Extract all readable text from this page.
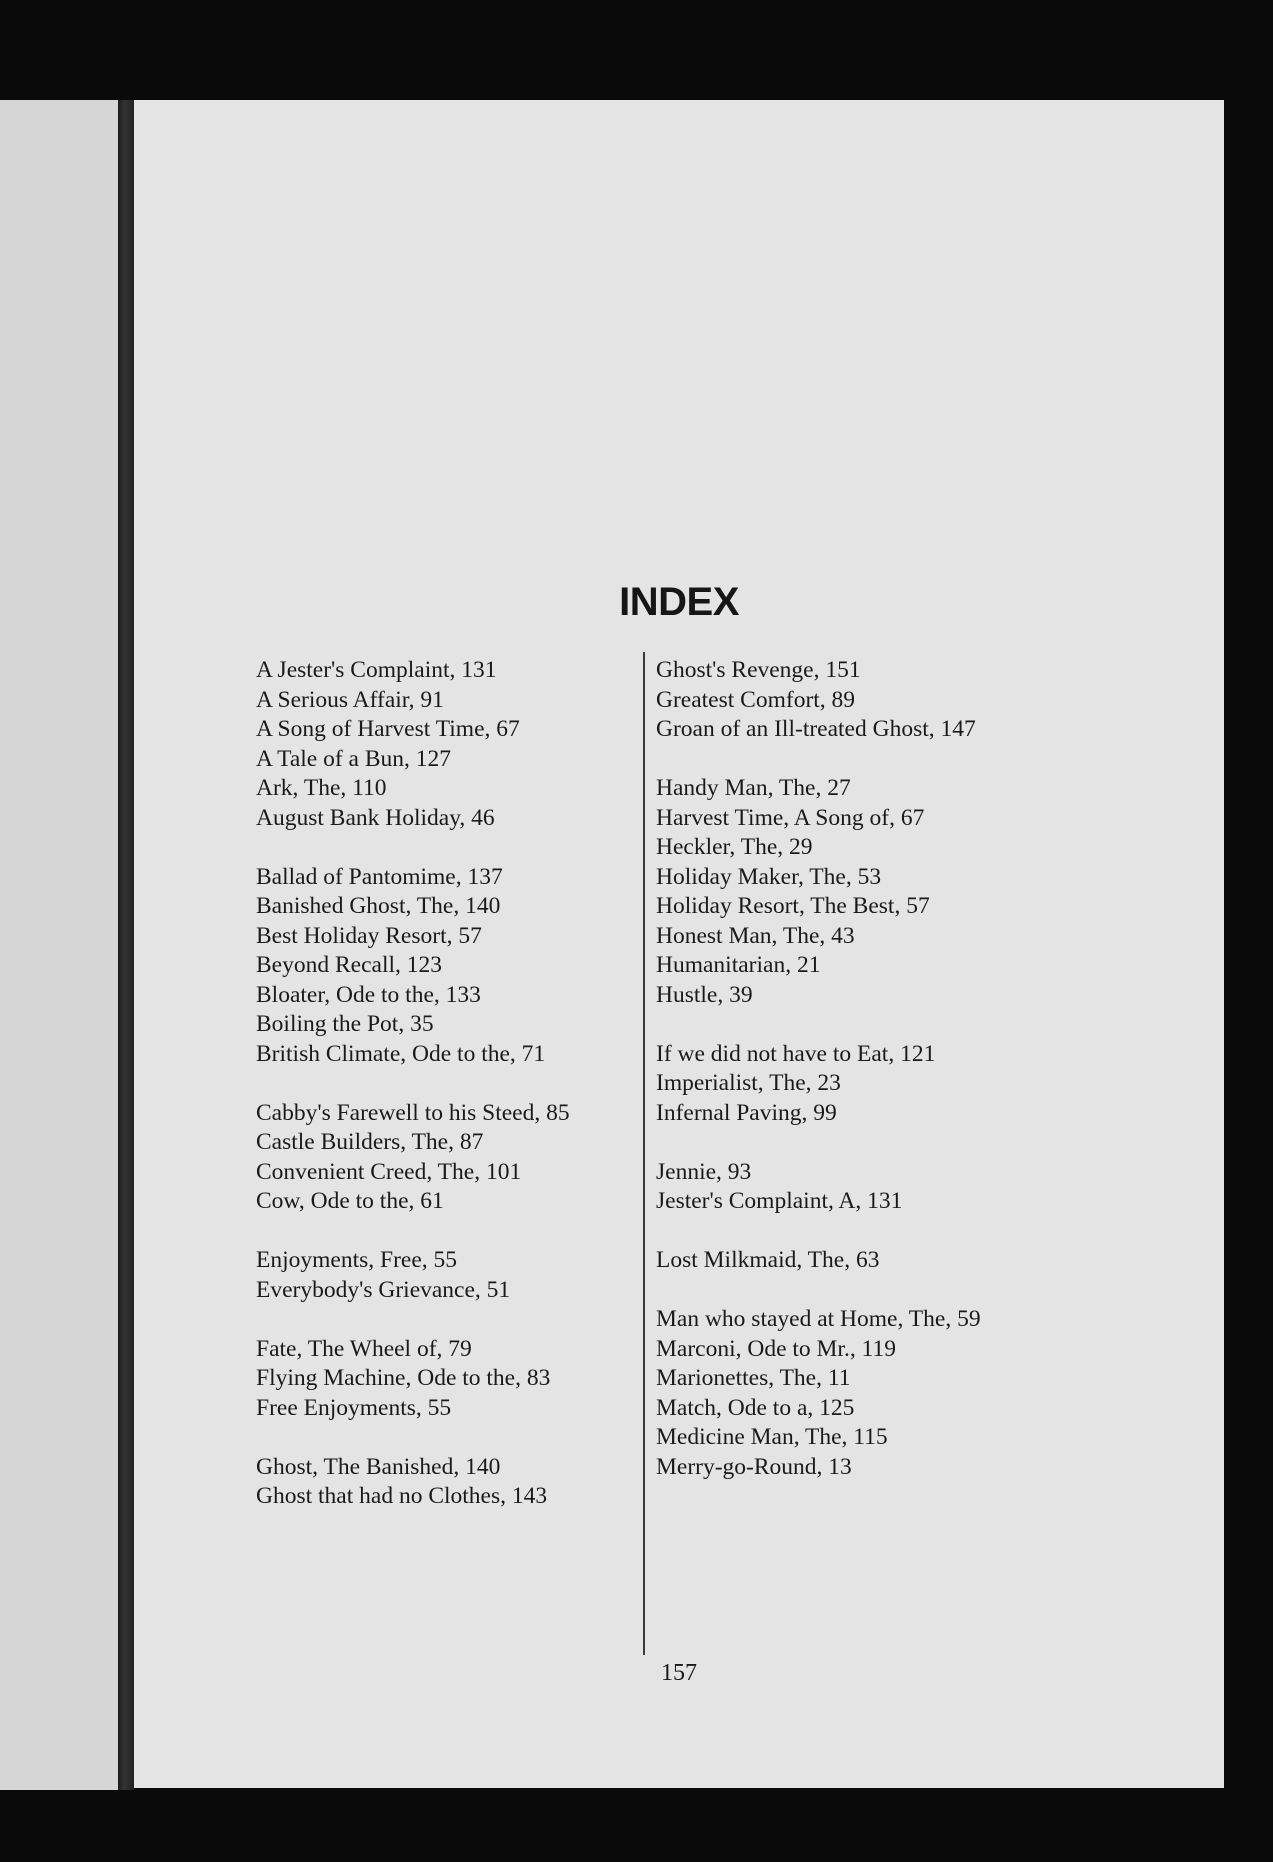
INDEX
A Jester's Complaint, 131
A Serious Affair, 91
A Song of Harvest Time, 67
A Tale of a Bun, 127
Ark, The, 110
August Bank Holiday, 46
Ballad of Pantomime, 137
Banished Ghost, The, 140
Best Holiday Resort, 57
Beyond Recall, 123
Bloater, Ode to the, 133
Boiling the Pot, 35
British Climate, Ode to the, 71
Cabby's Farewell to his Steed, 85
Castle Builders, The, 87
Convenient Creed, The, 101
Cow, Ode to the, 61
Enjoyments, Free, 55
Everybody's Grievance, 51
Fate, The Wheel of, 79
Flying Machine, Ode to the, 83
Free Enjoyments, 55
Ghost, The Banished, 140
Ghost that had no Clothes, 143
Ghost's Revenge, 151
Greatest Comfort, 89
Groan of an Ill-treated Ghost, 147
Handy Man, The, 27
Harvest Time, A Song of, 67
Heckler, The, 29
Holiday Maker, The, 53
Holiday Resort, The Best, 57
Honest Man, The, 43
Humanitarian, 21
Hustle, 39
If we did not have to Eat, 121
Imperialist, The, 23
Infernal Paving, 99
Jennie, 93
Jester's Complaint, A, 131
Lost Milkmaid, The, 63
Man who stayed at Home, The, 59
Marconi, Ode to Mr., 119
Marionettes, The, 11
Match, Ode to a, 125
Medicine Man, The, 115
Merry-go-Round, 13
157
